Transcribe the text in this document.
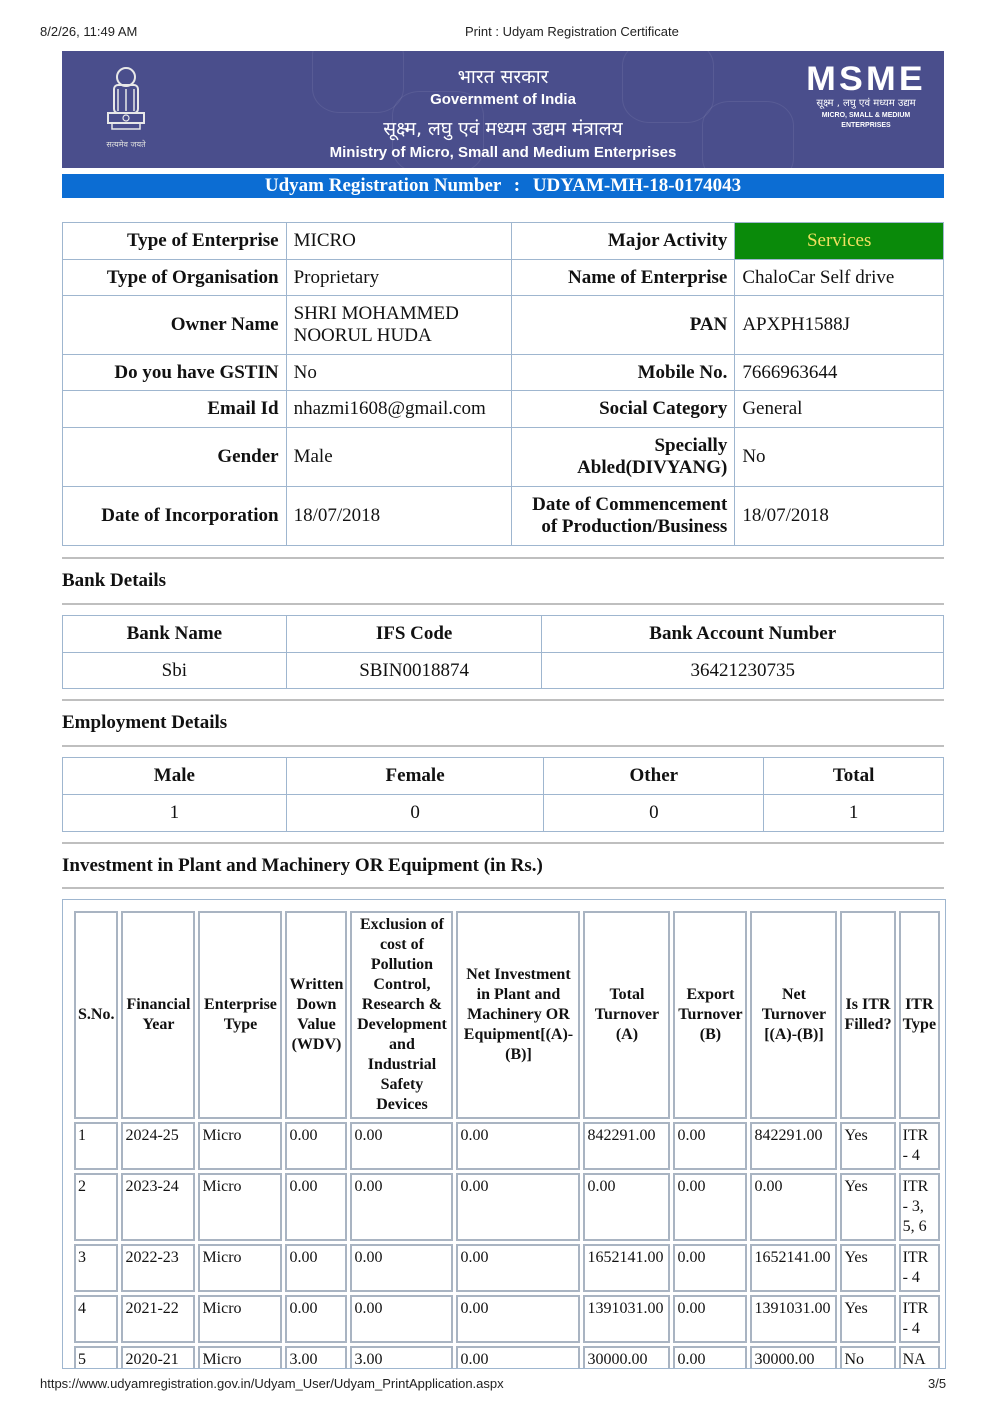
8/2/26, 11:49 AM	Print : Udyam Registration Certificate
सत्यमेव जयते
भारत सरकार
Government of India
सूक्ष्म, लघु एवं मध्यम उद्यम मंत्रालय
Ministry of Micro, Small and Medium Enterprises
MSME
सूक्ष्म , लघु एवं मध्यम उद्यम
MICRO, SMALL & MEDIUM ENTERPRISES
Udyam Registration Number : UDYAM-MH-18-0174043
Type of Enterprise	MICRO	Major Activity	Services
Type of Organisation	Proprietary	Name of Enterprise	ChaloCar Self drive
Owner Name	SHRI MOHAMMED NOORUL HUDA	PAN	APXPH1588J
Do you have GSTIN	No	Mobile No.	7666963644
Email Id	nhazmi1608@gmail.com	Social Category	General
Gender	Male	Specially Abled(DIVYANG)	No
Date of Incorporation	18/07/2018	Date of Commencement of Production/Business	18/07/2018
Bank Details
Bank Name	IFS Code	Bank Account Number
Sbi	SBIN0018874	36421230735
Employment Details
Male	Female	Other	Total
1	0	0	1
Investment in Plant and Machinery OR Equipment (in Rs.)
S.No.	Financial Year	Enterprise Type	Written Down Value (WDV)	Exclusion of cost of Pollution Control, Research & Development and Industrial Safety Devices	Net Investment in Plant and Machinery OR Equipment[(A)-(B)]	Total Turnover (A)	Export Turnover (B)	Net Turnover [(A)-(B)]	Is ITR Filled?	ITR Type
1	2024-25	Micro	0.00	0.00	0.00	842291.00	0.00	842291.00	Yes	ITR - 4
2	2023-24	Micro	0.00	0.00	0.00	0.00	0.00	0.00	Yes	ITR - 3, 5, 6
3	2022-23	Micro	0.00	0.00	0.00	1652141.00	0.00	1652141.00	Yes	ITR - 4
4	2021-22	Micro	0.00	0.00	0.00	1391031.00	0.00	1391031.00	Yes	ITR - 4
5	2020-21	Micro	3.00	3.00	0.00	30000.00	0.00	30000.00	No	NA
https://www.udyamregistration.gov.in/Udyam_User/Udyam_PrintApplication.aspx	3/5
